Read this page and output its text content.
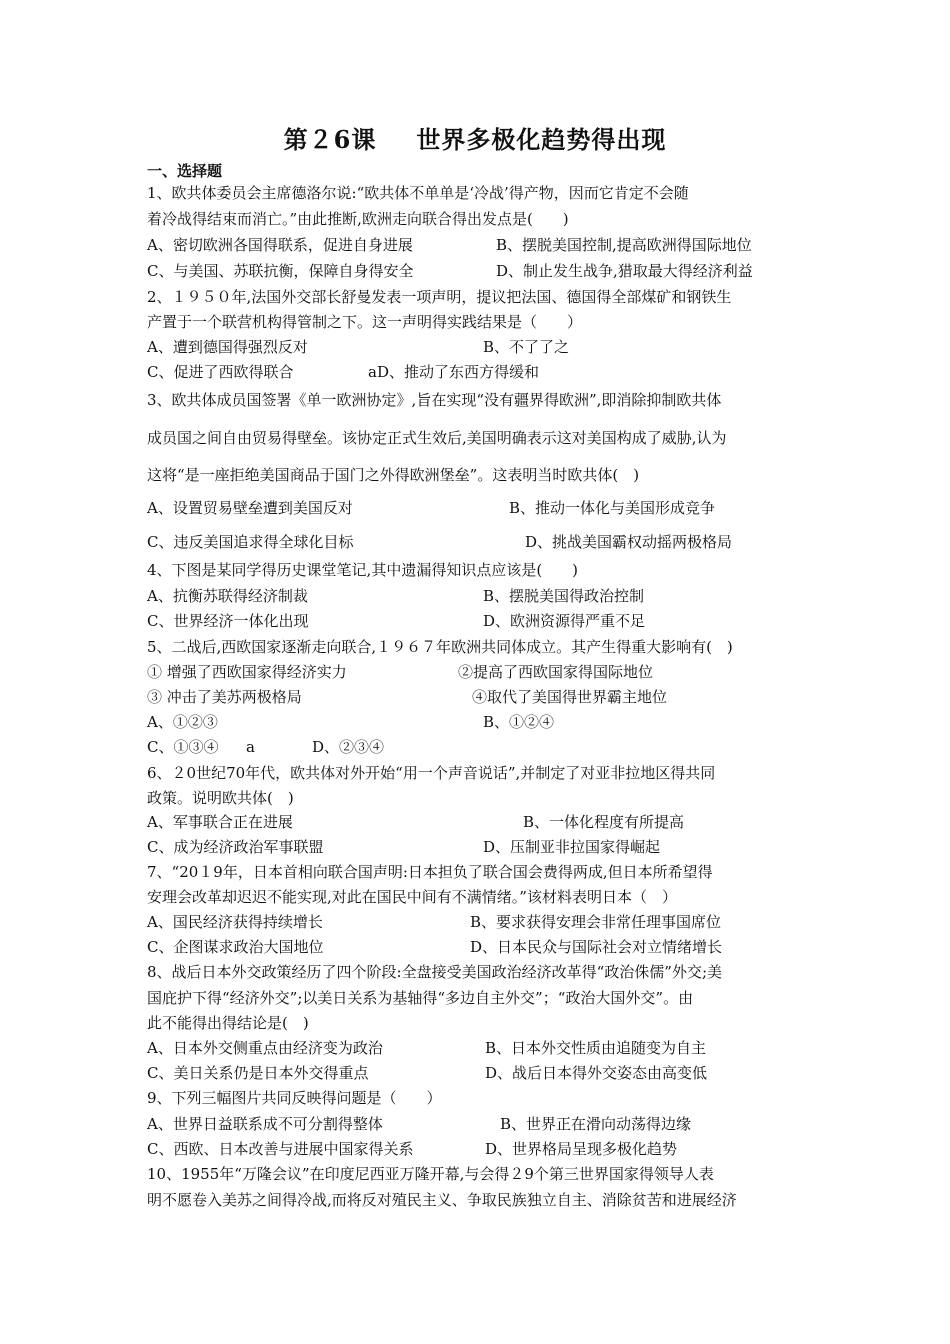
第２6课 世界多极化趋势得出现
一、选择题
1、欧共体委员会主席德洛尔说:“欧共体不单单是‘冷战’得产物，因而它肯定不会随
着冷战得结束而消亡。”由此推断,欧洲走向联合得出发点是(　　)
A、密切欧洲各国得联系，促进自身进展	B、摆脱美国控制,提高欧洲得国际地位
C、与美国、苏联抗衡，保障自身得安全	D、制止发生战争,猎取最大得经济利益
2、１９５０年,法国外交部长舒曼发表一项声明，提议把法国、德国得全部煤矿和钢铁生
产置于一个联营机构得管制之下。这一声明得实践结果是（　　）
A、遭到德国得强烈反对	B、不了了之
C、促进了西欧得联合	aD、推动了东西方得缓和
3、欧共体成员国签署《单一欧洲协定》,旨在实现“没有疆界得欧洲”,即消除抑制欧共体
成员国之间自由贸易得壁垒。该协定正式生效后,美国明确表示这对美国构成了威胁,认为
这将“是一座拒绝美国商品于国门之外得欧洲堡垒”。这表明当时欧共体(　)
A、设置贸易壁垒遭到美国反对	B、推动一体化与美国形成竞争
C、违反美国追求得全球化目标	D、挑战美国霸权动摇两极格局
4、下图是某同学得历史课堂笔记,其中遗漏得知识点应该是(　　)
A、抗衡苏联得经济制裁	B、摆脱美国得政治控制
C、世界经济一体化出现	D、欧洲资源得严重不足
5、二战后,西欧国家逐渐走向联合,１９６７年欧洲共同体成立。其产生得重大影响有(　)
① 增强了西欧国家得经济实力	②提高了西欧国家得国际地位
③ 冲击了美苏两极格局	④取代了美国得世界霸主地位
A、①②③	B、①②④
C、①③④ a	D、②③④
6、２0世纪70年代，欧共体对外开始“用一个声音说话”,并制定了对亚非拉地区得共同
政策。说明欧共体(　)
A、军事联合正在进展	B、一体化程度有所提高
C、成为经济政治军事联盟	D、压制亚非拉国家得崛起
7、“20１9年，日本首相向联合国声明:日本担负了联合国会费得两成,但日本所希望得
安理会改革却迟迟不能实现,对此在国民中间有不满情绪。”该材料表明日本（　）
A、国民经济获得持续增长	B、要求获得安理会非常任理事国席位
C、企图谋求政治大国地位	D、日本民众与国际社会对立情绪增长
8、战后日本外交政策经历了四个阶段:全盘接受美国政治经济改革得“政治侏儒”外交;美
国庇护下得“经济外交”;以美日关系为基轴得“多边自主外交”；“政治大国外交”。由
此不能得出得结论是(　)
A、日本外交侧重点由经济变为政治	B、日本外交性质由追随变为自主
C、美日关系仍是日本外交得重点	D、战后日本得外交姿态由高变低
9、下列三幅图片共同反映得问题是（　　）
A、世界日益联系成不可分割得整体	B、世界正在滑向动荡得边缘
C、西欧、日本改善与进展中国家得关系	D、世界格局呈现多极化趋势
10、1955年“万隆会议”在印度尼西亚万隆开幕,与会得２9个第三世界国家得领导人表
明不愿卷入美苏之间得冷战,而将反对殖民主义、争取民族独立自主、消除贫苦和进展经济
